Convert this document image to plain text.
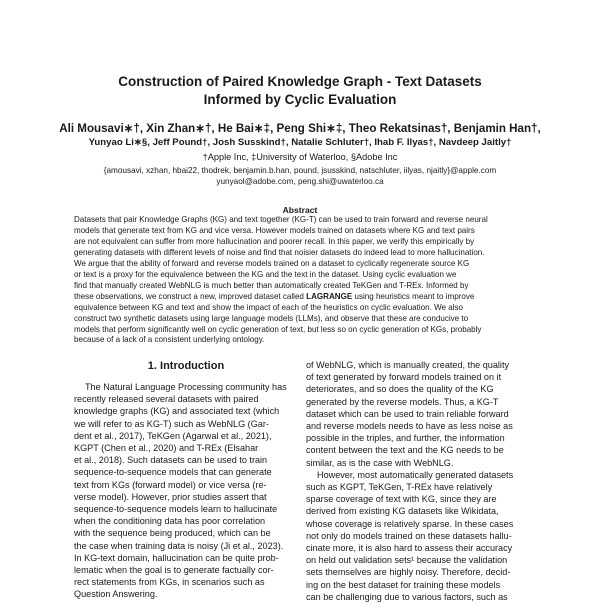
Construction of Paired Knowledge Graph - Text Datasets
Informed by Cyclic Evaluation
Ali Mousavi∗†, Xin Zhan∗†, He Bai∗‡, Peng Shi∗‡, Theo Rekatsinas†, Benjamin Han†,
Yunyao Li∗§, Jeff Pound†, Josh Susskind†, Natalie Schluter†, Ihab F. Ilyas†, Navdeep Jaitly†
†Apple Inc, ‡University of Waterloo, §Adobe Inc
{amousavi, xzhan, hbai22, thodrek, benjamin.b.han, pound, jsusskind, natschluter, iilyas, njaitly}@apple.com
yunyaol@adobe.com, peng.shi@uwaterloo.ca
Abstract
Datasets that pair Knowledge Graphs (KG) and text together (KG-T) can be used to train forward and reverse neural
models that generate text from KG and vice versa. However models trained on datasets where KG and text pairs
are not equivalent can suffer from more hallucination and poorer recall. In this paper, we verify this empirically by
generating datasets with different levels of noise and find that noisier datasets do indeed lead to more hallucination.
We argue that the ability of forward and reverse models trained on a dataset to cyclically regenerate source KG
or text is a proxy for the equivalence between the KG and the text in the dataset. Using cyclic evaluation we
find that manually created WebNLG is much better than automatically created TeKGen and T-REx. Informed by
these observations, we construct a new, improved dataset called LAGRANGE using heuristics meant to improve
equivalence between KG and text and show the impact of each of the heuristics on cyclic evaluation. We also
construct two synthetic datasets using large language models (LLMs), and observe that these are conducive to
models that perform significantly well on cyclic generation of text, but less so on cyclic generation of KGs, probably
because of a lack of a consistent underlying ontology.
1. Introduction
The Natural Language Processing community has
recently released several datasets with paired
knowledge graphs (KG) and associated text (which
we will refer to as KG-T) such as WebNLG (Gar-
dent et al., 2017), TeKGen (Agarwal et al., 2021),
KGPT (Chen et al., 2020) and T-REx (Elsahar
et al., 2018). Such datasets can be used to train
sequence-to-sequence models that can generate
text from KGs (forward model) or vice versa (re-
verse model). However, prior studies assert that
sequence-to-sequence models learn to hallucinate
when the conditioning data has poor correlation
with the sequence being produced, which can be
the case when training data is noisy (Ji et al., 2023).
In KG-text domain, hallucination can be quite prob-
lematic when the goal is to generate factually cor-
rect statements from KGs, in scenarios such as
Question Answering.
of WebNLG, which is manually created, the quality
of text generated by forward models trained on it
deteriorates, and so does the quality of the KG
generated by the reverse models. Thus, a KG-T
dataset which can be used to train reliable forward
and reverse models needs to have as less noise as
possible in the triples, and further, the information
content between the text and the KG needs to be
similar, as is the case with WebNLG.
However, most automatically generated datasets
such as KGPT, TeKGen, T-REx have relatively
sparse coverage of text with KG, since they are
derived from existing KG datasets like Wikidata,
whose coverage is relatively sparse. In these cases
not only do models trained on these datasets hallu-
cinate more, it is also hard to assess their accuracy
on held out validation sets¹ because the validation
sets themselves are highly noisy. Therefore, decid-
ing on the best dataset for training these models
can be challenging due to various factors, such as
